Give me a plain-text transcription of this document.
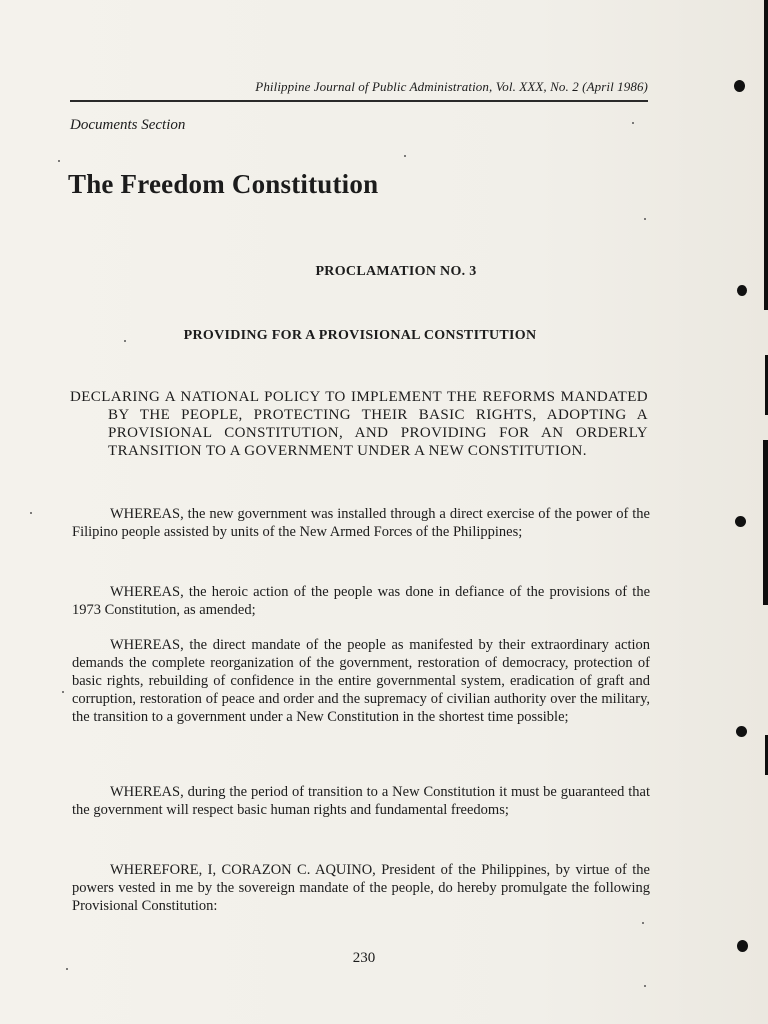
Philippine Journal of Public Administration, Vol. XXX, No. 2 (April 1986)
Documents Section
The Freedom Constitution
PROCLAMATION NO. 3
PROVIDING FOR A PROVISIONAL CONSTITUTION
DECLARING A NATIONAL POLICY TO IMPLEMENT THE REFORMS MANDATED BY THE PEOPLE, PROTECTING THEIR BASIC RIGHTS, ADOPTING A PROVISIONAL CONSTITUTION, AND PROVIDING FOR AN ORDERLY TRANSITION TO A GOVERNMENT UNDER A NEW CONSTITUTION.

WHEREAS, the new government was installed through a direct exercise of the power of the Filipino people assisted by units of the New Armed Forces of the Philippines;

WHEREAS, the heroic action of the people was done in defiance of the provisions of the 1973 Constitution, as amended;

WHEREAS, the direct mandate of the people as manifested by their extraordinary action demands the complete reorganization of the government, restoration of democracy, protection of basic rights, rebuilding of confidence in the entire governmental system, eradication of graft and corruption, restoration of peace and order and the supremacy of civilian authority over the military, the transition to a government under a New Constitution in the shortest time possible;

WHEREAS, during the period of transition to a New Constitution it must be guaranteed that the government will respect basic human rights and fundamental freedoms;

WHEREFORE, I, CORAZON C. AQUINO, President of the Philippines, by virtue of the powers vested in me by the sovereign mandate of the people, do hereby promulgate the following Provisional Constitution:

230
